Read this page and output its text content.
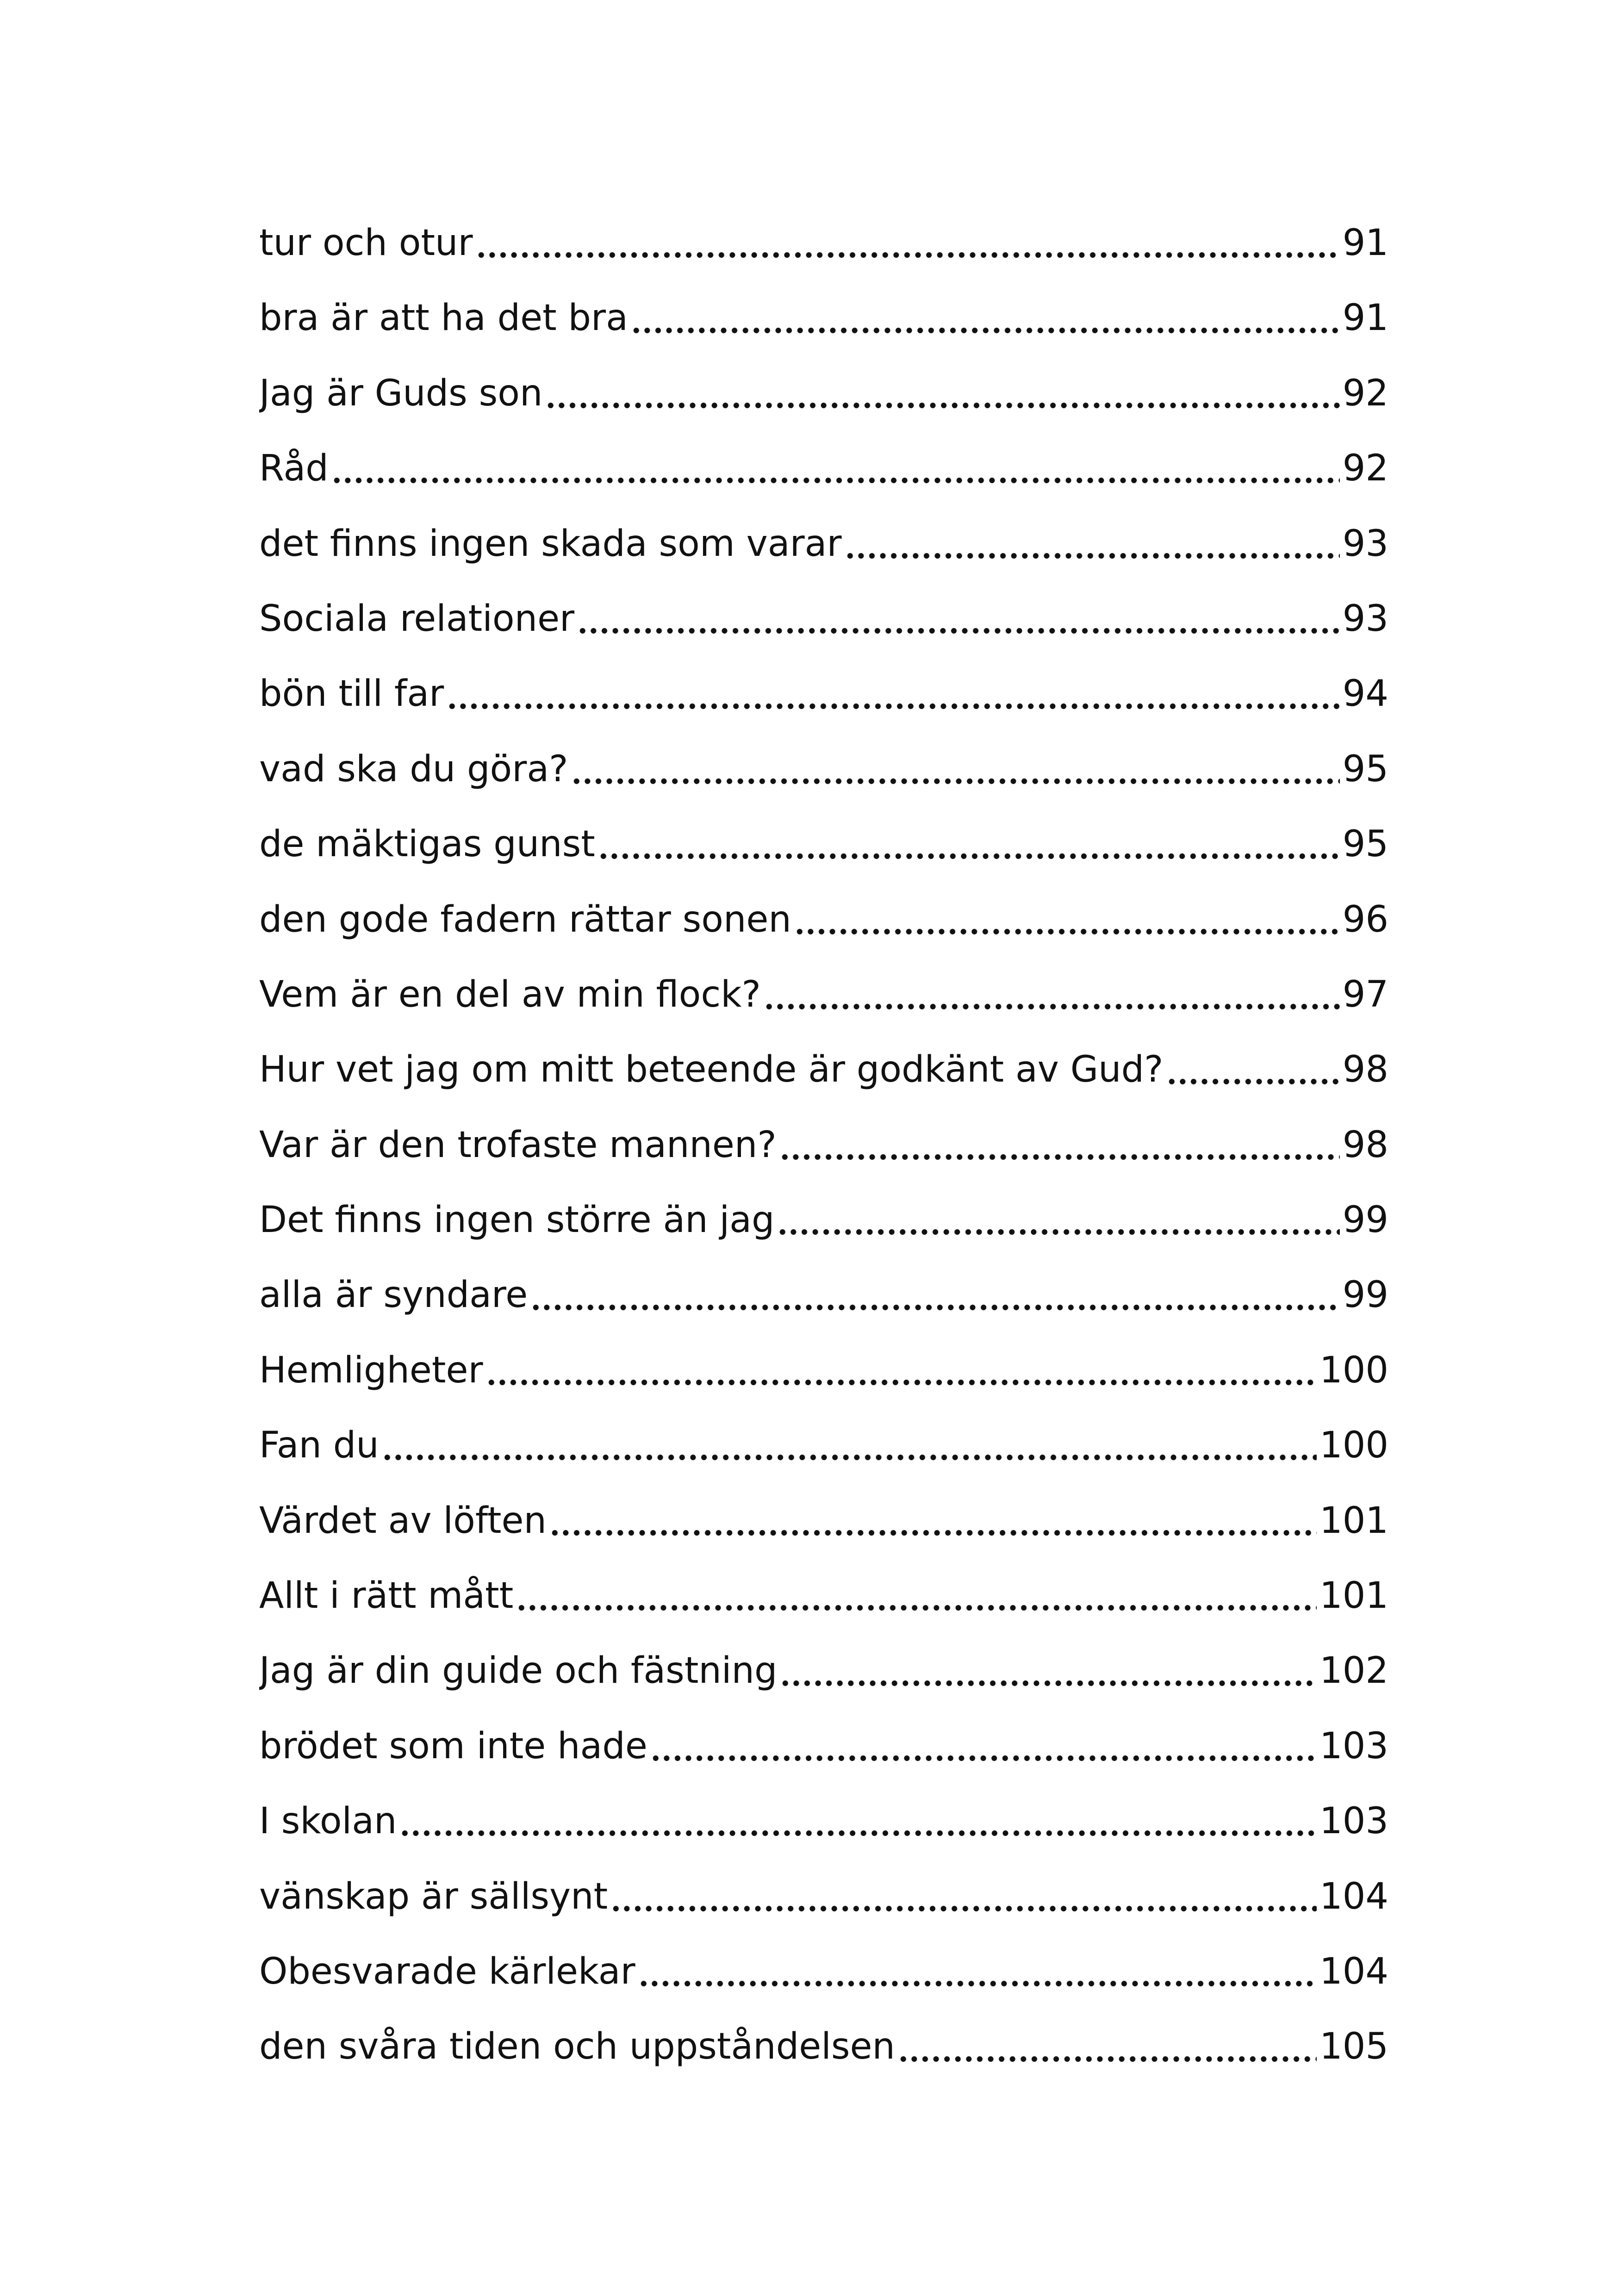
tur och otur	91
bra är att ha det bra	91
Jag är Guds son	92
Råd	92
det finns ingen skada som varar	93
Sociala relationer	93
bön till far	94
vad ska du göra?	95
de mäktigas gunst	95
den gode fadern rättar sonen	96
Vem är en del av min flock?	97
Hur vet jag om mitt beteende är godkänt av Gud?	98
Var är den trofaste mannen?	98
Det finns ingen större än jag	99
alla är syndare	99
Hemligheter	100
Fan du	100
Värdet av löften	101
Allt i rätt mått	101
Jag är din guide och fästning	102
brödet som inte hade	103
I skolan	103
vänskap är sällsynt	104
Obesvarade kärlekar	104
den svåra tiden och uppståndelsen	105
